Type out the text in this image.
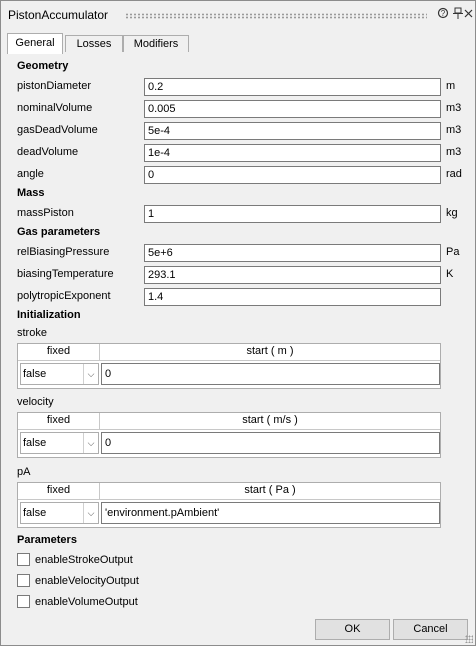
PistonAccumulator	?
General	Losses	Modifiers
Geometry
pistonDiameter	0.2	m
nominalVolume	0.005	m3
gasDeadVolume	5e-4	m3
deadVolume	1e-4	m3
angle	0	rad
Mass
massPiston	1	kg
Gas parameters
relBiasingPressure	5e+6	Pa
biasingTemperature	293.1	K
polytropicExponent	1.4
Initialization
stroke
fixed	start ( m )
false	⌵ 0
velocity
fixed	start ( m/s )
false	⌵ 0
pA
fixed	start ( Pa )
false	⌵ 'environment.pAmbient'
Parameters
enableStrokeOutput
enableVelocityOutput
enableVolumeOutput
OK	Cancel
